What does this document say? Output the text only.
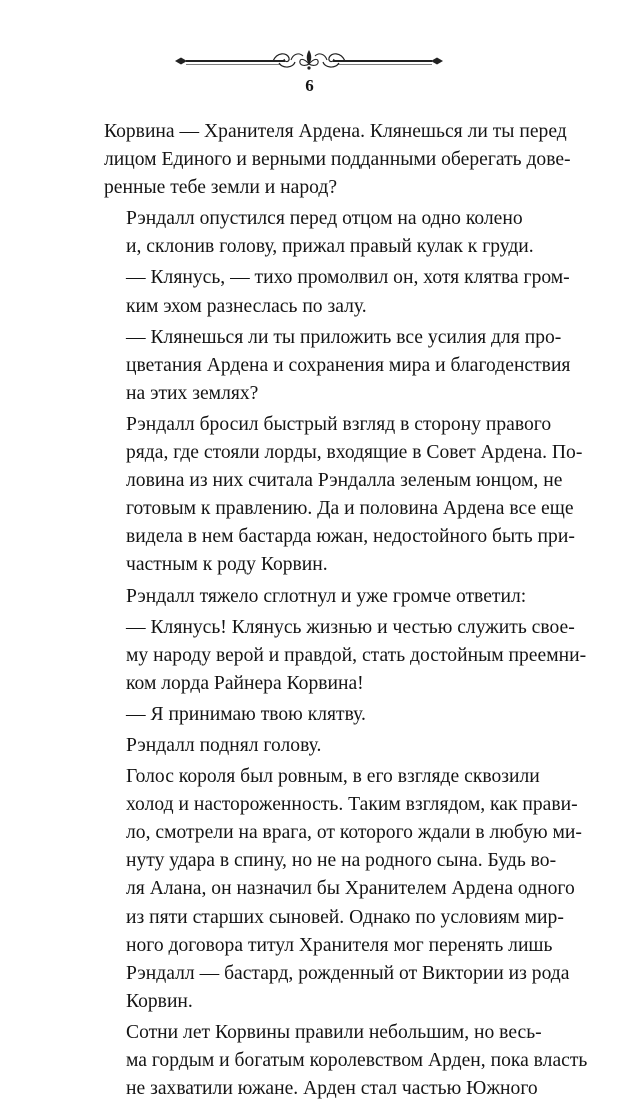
6

Корвина — Хранителя Ардена. Клянешься ли ты перед
лицом Единого и верными подданными оберегать дове-
ренные тебе земли и народ?

Рэндалл опустился перед отцом на одно колено
и, склонив голову, прижал правый кулак к груди.

— Клянусь, — тихо промолвил он, хотя клятва гром-
ким эхом разнеслась по залу.

— Клянешься ли ты приложить все усилия для про-
цветания Ардена и сохранения мира и благоденствия
на этих землях?

Рэндалл бросил быстрый взгляд в сторону правого
ряда, где стояли лорды, входящие в Совет Ардена. По-
ловина из них считала Рэндалла зеленым юнцом, не
готовым к правлению. Да и половина Ардена все еще
видела в нем бастарда южан, недостойного быть при-
частным к роду Корвин.

Рэндалл тяжело сглотнул и уже громче ответил:

— Клянусь! Клянусь жизнью и честью служить свое-
му народу верой и правдой, стать достойным преемни-
ком лорда Райнера Корвина!

— Я принимаю твою клятву.

Рэндалл поднял голову.

Голос короля был ровным, в его взгляде сквозили
холод и настороженность. Таким взглядом, как прави-
ло, смотрели на врага, от которого ждали в любую ми-
нуту удара в спину, но не на родного сына. Будь во-
ля Алана, он назначил бы Хранителем Ардена одного
из пяти старших сыновей. Однако по условиям мир-
ного договора титул Хранителя мог перенять лишь
Рэндалл — бастард, рожденный от Виктории из рода
Корвин.

Сотни лет Корвины правили небольшим, но весь-
ма гордым и богатым королевством Арден, пока власть
не захватили южане. Арден стал частью Южного
